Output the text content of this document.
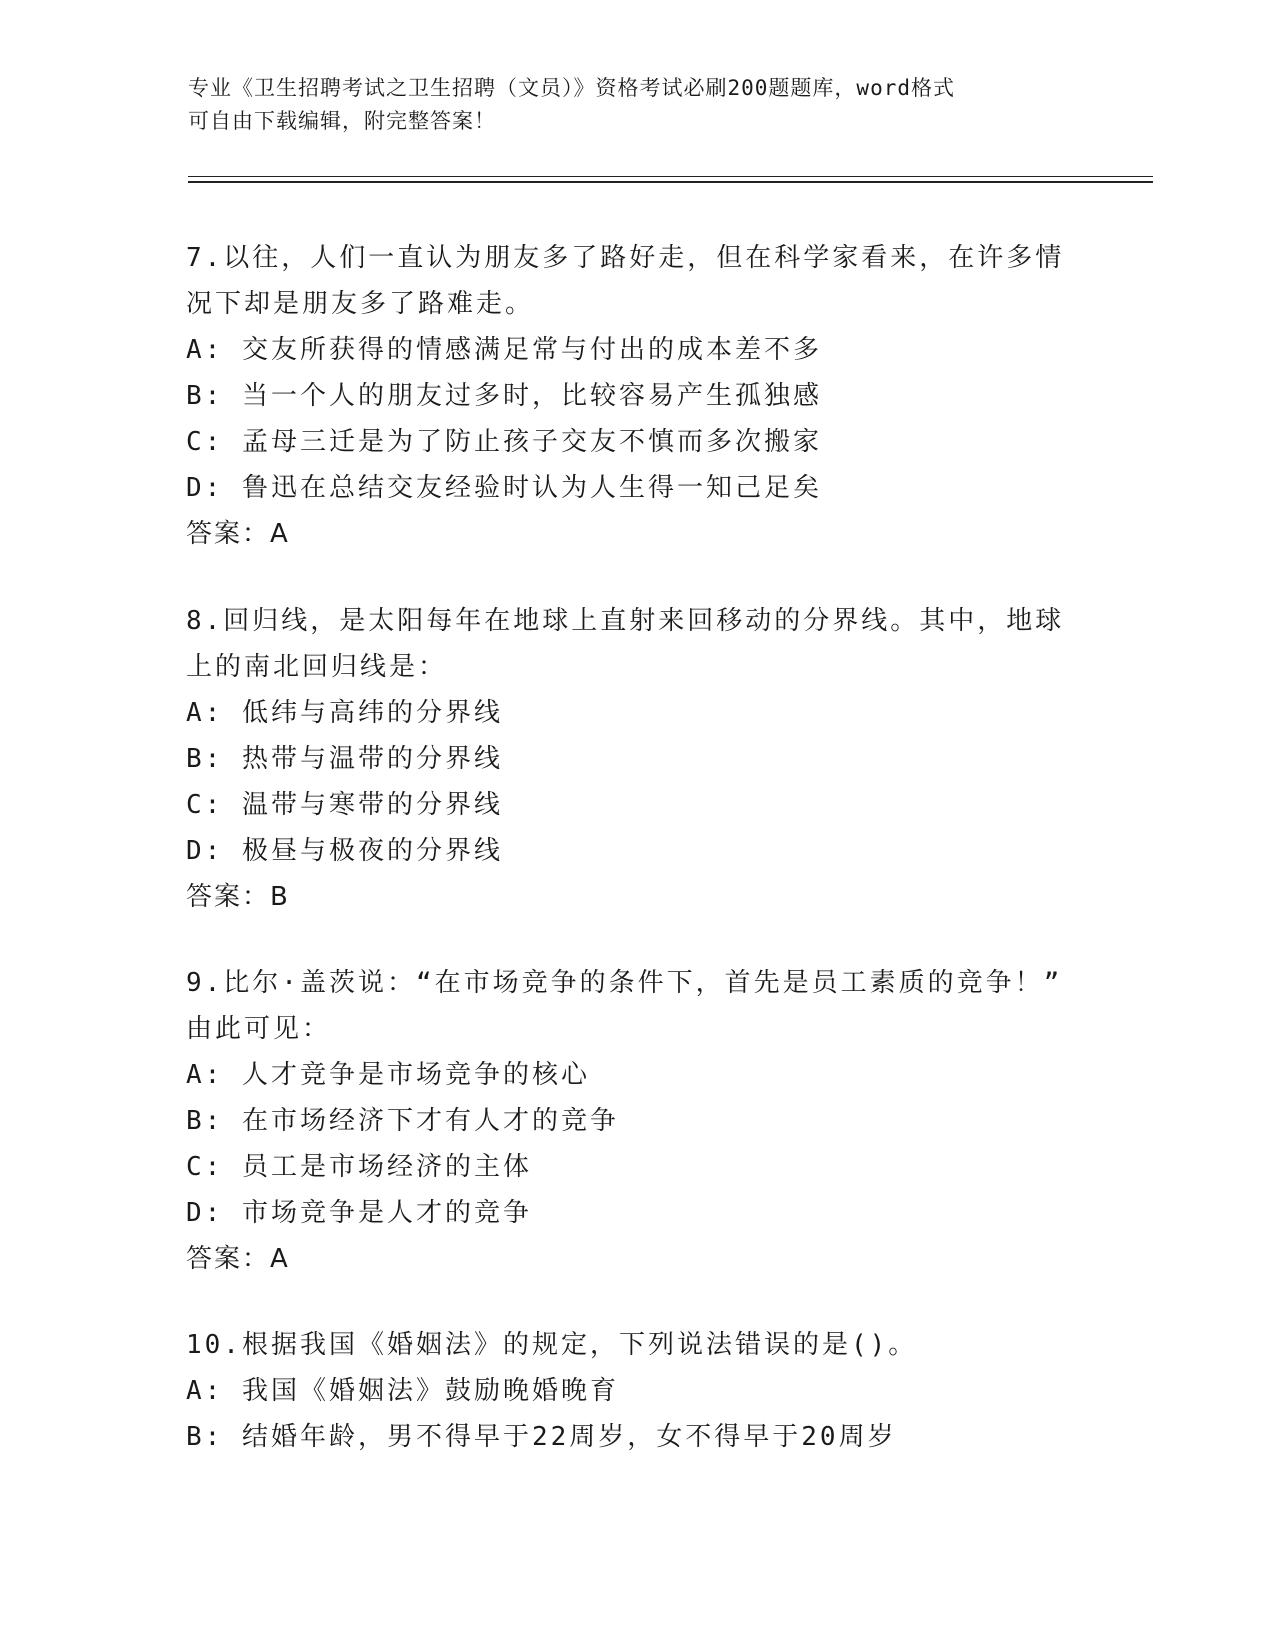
专业《卫生招聘考试之卫生招聘（文员）》资格考试必刷200题题库，word格式
可自由下载编辑，附完整答案！

7.以往，人们一直认为朋友多了路好走，但在科学家看来，在许多情

况下却是朋友多了路难走。

A: 交友所获得的情感满足常与付出的成本差不多

B: 当一个人的朋友过多时，比较容易产生孤独感

C: 孟母三迁是为了防止孩子交友不慎而多次搬家

D: 鲁迅在总结交友经验时认为人生得一知己足矣

答案：A

8.回归线，是太阳每年在地球上直射来回移动的分界线。其中，地球

上的南北回归线是：

A: 低纬与高纬的分界线

B: 热带与温带的分界线

C: 温带与寒带的分界线

D: 极昼与极夜的分界线

答案：B

9.比尔·盖茨说：“在市场竞争的条件下，首先是员工素质的竞争！”

由此可见：

A: 人才竞争是市场竞争的核心

B: 在市场经济下才有人才的竞争

C: 员工是市场经济的主体

D: 市场竞争是人才的竞争

答案：A

10.根据我国《婚姻法》的规定，下列说法错误的是()。

A: 我国《婚姻法》鼓励晚婚晚育

B: 结婚年龄，男不得早于22周岁，女不得早于20周岁
